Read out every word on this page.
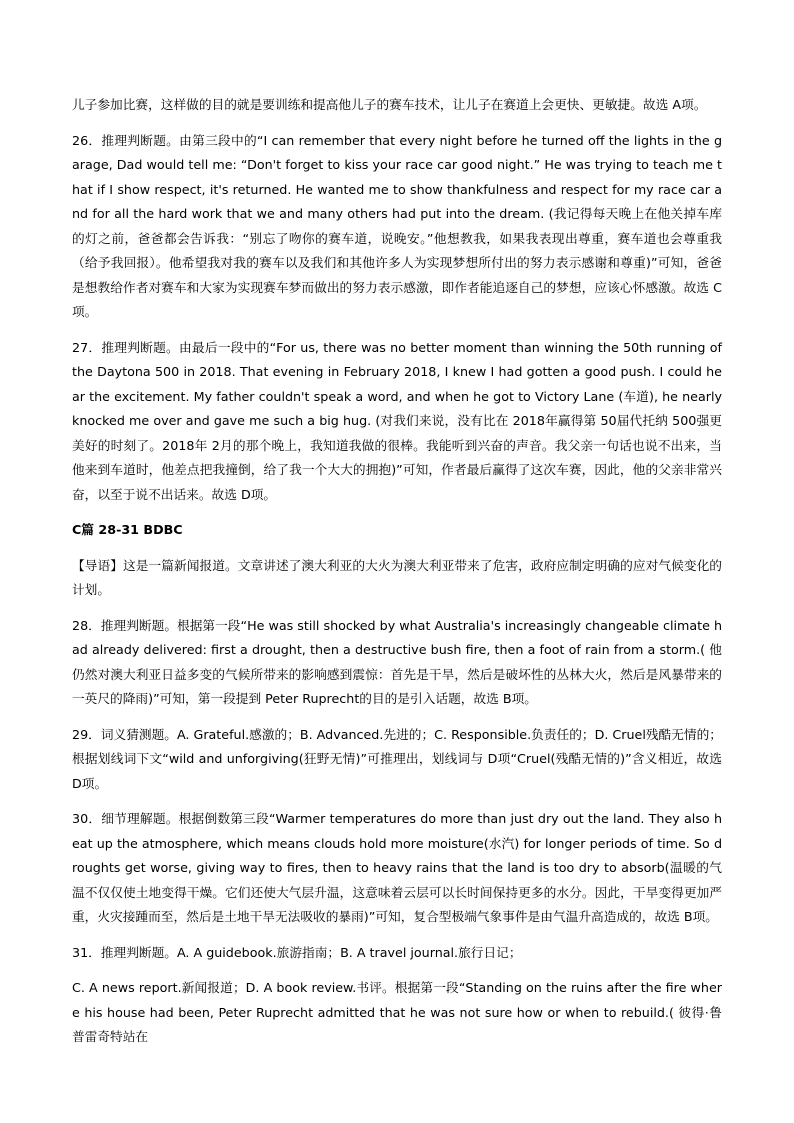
儿子参加比赛，这样做的目的就是要训练和提高他儿子的赛车技术，让儿子在赛道上会更快、更敏捷。故选 A项。

26．推理判断题。由第三段中的“I can remember that every night before he turned off the lights in the garage, Dad would tell me: “Don't forget to kiss your race car good night.” He was trying to teach me that if I show respect, it's returned. He wanted me to show thankfulness and respect for my race car and for all the hard work that we and many others had put into the dream. (我记得每天晚上在他关掉车库的灯之前，爸爸都会告诉我：“别忘了吻你的赛车道，说晚安。”他想教我，如果我表现出尊重，赛车道也会尊重我（给予我回报）。他希望我对我的赛车以及我们和其他许多人为实现梦想所付出的努力表示感谢和尊重)”可知，爸爸是想教给作者对赛车和大家为实现赛车梦而做出的努力表示感激，即作者能追逐自己的梦想，应该心怀感激。故选 C项。

27．推理判断题。由最后一段中的“For us, there was no better moment than winning the 50th running of the Daytona 500 in 2018. That evening in February 2018, I knew I had gotten a good push. I could hear the excitement. My father couldn't speak a word, and when he got to Victory Lane (车道), he nearly knocked me over and gave me such a big hug. (对我们来说，没有比在 2018年赢得第 50届代托纳 500强更美好的时刻了。2018年 2月的那个晚上，我知道我做的很棒。我能听到兴奋的声音。我父亲一句话也说不出来，当他来到车道时，他差点把我撞倒，给了我一个大大的拥抱)”可知，作者最后赢得了这次车赛，因此，他的父亲非常兴奋，以至于说不出话来。故选 D项。

C篇 28-31 BDBC

【导语】这是一篇新闻报道。文章讲述了澳大利亚的大火为澳大利亚带来了危害，政府应制定明确的应对气候变化的计划。

28．推理判断题。根据第一段“He was still shocked by what Australia's increasingly changeable climate had already delivered: first a drought, then a destructive bush fire, then a foot of rain from a storm.( 他仍然对澳大利亚日益多变的气候所带来的影响感到震惊：首先是干旱，然后是破坏性的丛林大火，然后是风暴带来的一英尺的降雨)”可知，第一段提到 Peter Ruprecht的目的是引入话题，故选 B项。

29．词义猜测题。A. Grateful.感激的；B. Advanced.先进的；C. Responsible.负责任的；D. Cruel残酷无情的；根据划线词下文“wild and unforgiving(狂野无情)”可推理出，划线词与 D项“Cruel(残酷无情的)”含义相近，故选 D项。

30．细节理解题。根据倒数第三段“Warmer temperatures do more than just dry out the land. They also heat up the atmosphere, which means clouds hold more moisture(水汽) for longer periods of time. So droughts get worse, giving way to fires, then to heavy rains that the land is too dry to absorb(温暖的气温不仅仅使土地变得干燥。它们还使大气层升温，这意味着云层可以长时间保持更多的水分。因此，干旱变得更加严重，火灾接踵而至，然后是土地干旱无法吸收的暴雨)”可知，复合型极端气象事件是由气温升高造成的，故选 B项。

31．推理判断题。A. A guidebook.旅游指南；B. A travel journal.旅行日记；

C. A news report.新闻报道；D. A book review.书评。根据第一段“Standing on the ruins after the fire where his house had been, Peter Ruprecht admitted that he was not sure how or when to rebuild.( 彼得·鲁普雷奇特站在
